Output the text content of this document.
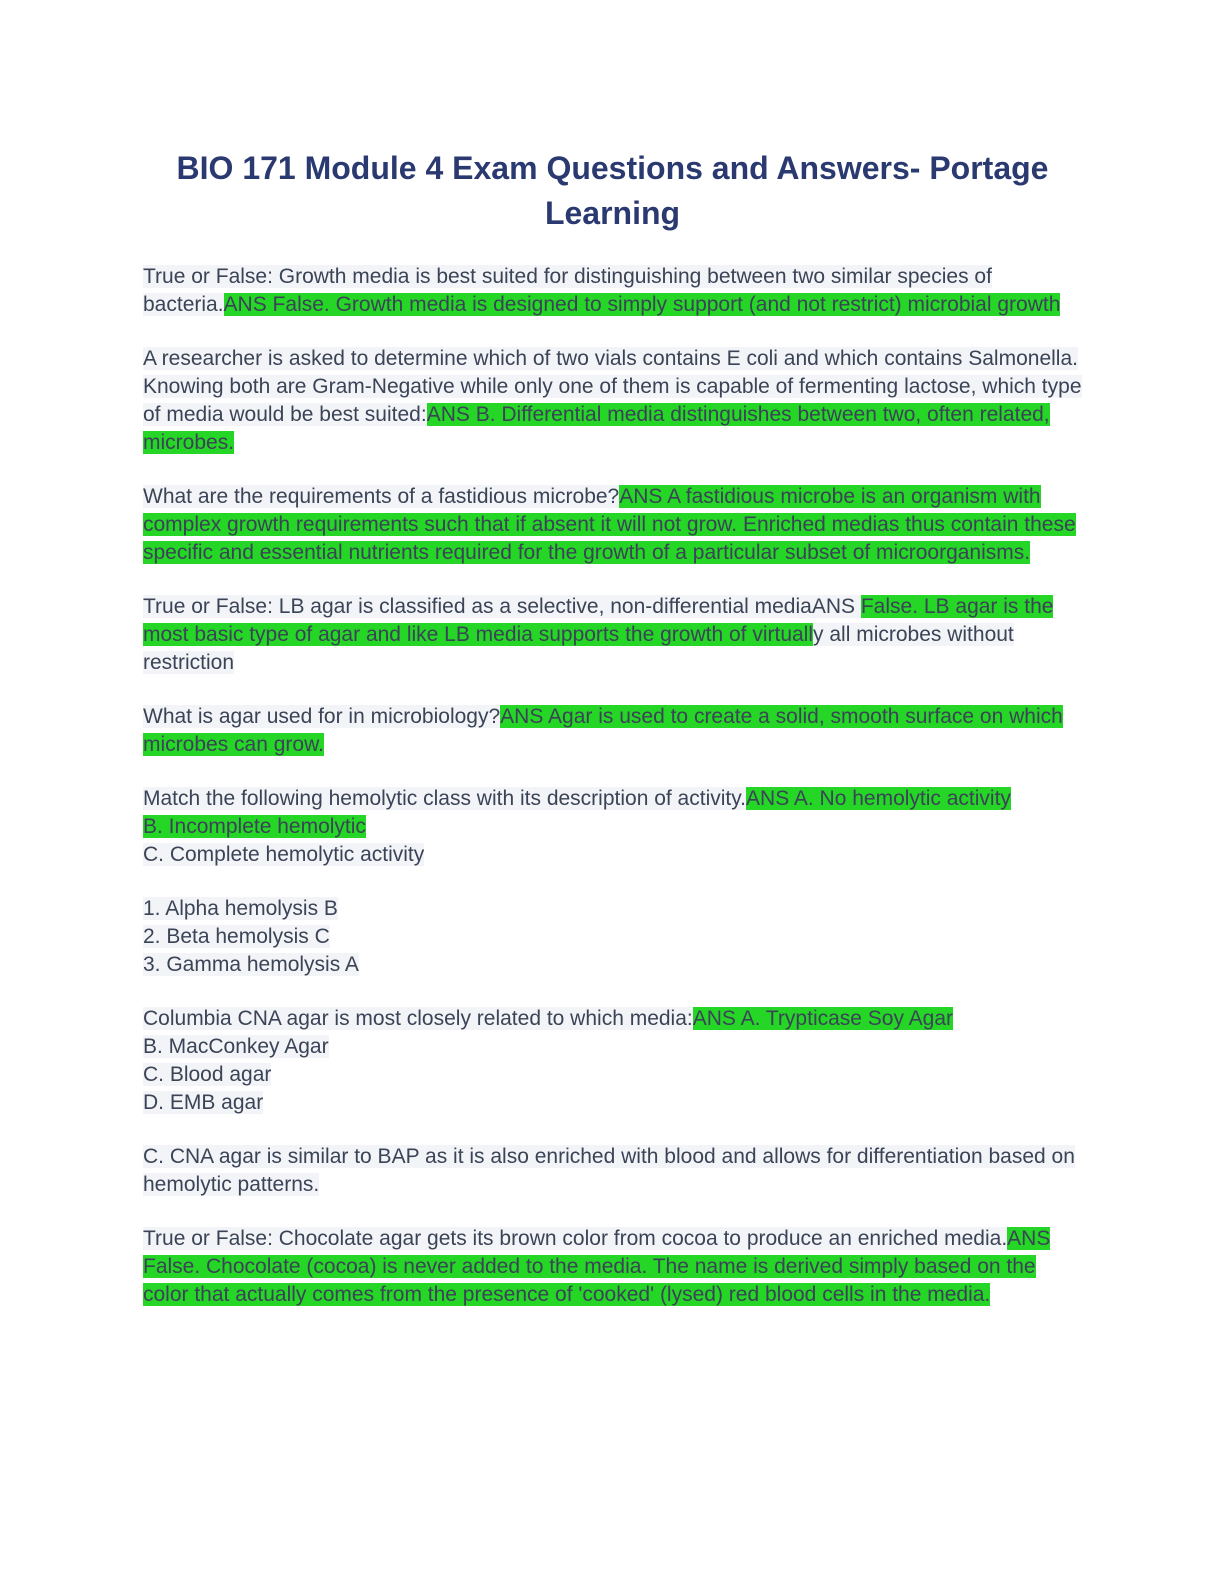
BIO 171 Module 4 Exam Questions and Answers- Portage Learning

True or False: Growth media is best suited for distinguishing between two similar species of bacteria.ANS False. Growth media is designed to simply support (and not restrict) microbial growth

A researcher is asked to determine which of two vials contains E coli and which contains Salmonella. Knowing both are Gram-Negative while only one of them is capable of fermenting lactose, which type of media would be best suited:ANS B. Differential media distinguishes between two, often related, microbes.

What are the requirements of a fastidious microbe?ANS A fastidious microbe is an organism with complex growth requirements such that if absent it will not grow. Enriched medias thus contain these specific and essential nutrients required for the growth of a particular subset of microorganisms.

True or False: LB agar is classified as a selective, non-differential mediaANS False. LB agar is the most basic type of agar and like LB media supports the growth of virtually all microbes without restriction

What is agar used for in microbiology?ANS Agar is used to create a solid, smooth surface on which microbes can grow.

Match the following hemolytic class with its description of activity.ANS A. No hemolytic activity
B. Incomplete hemolytic
C. Complete hemolytic activity

1. Alpha hemolysis B
2. Beta hemolysis C
3. Gamma hemolysis A

Columbia CNA agar is most closely related to which media:ANS A. Trypticase Soy Agar
B. MacConkey Agar
C. Blood agar
D. EMB agar

C. CNA agar is similar to BAP as it is also enriched with blood and allows for differentiation based on hemolytic patterns.

True or False: Chocolate agar gets its brown color from cocoa to produce an enriched media.ANS False. Chocolate (cocoa) is never added to the media. The name is derived simply based on the color that actually comes from the presence of 'cooked' (lysed) red blood cells in the media.
